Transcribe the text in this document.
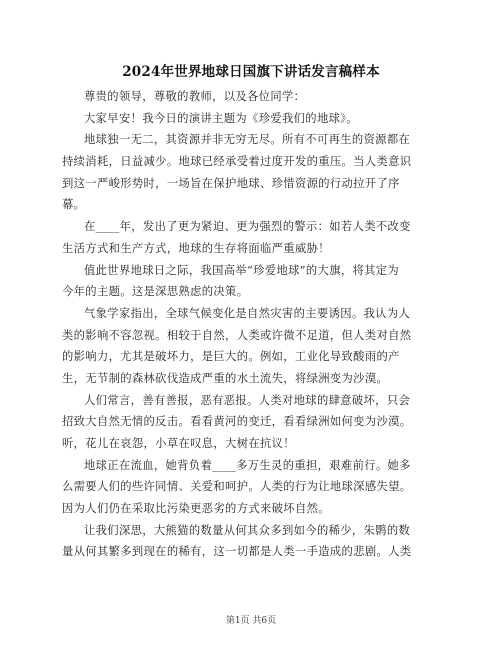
2024年世界地球日国旗下讲话发言稿样本
尊贵的领导，尊敬的教师，以及各位同学：
大家早安！我今日的演讲主题为《珍爱我们的地球》。
地球独一无二，其资源并非无穷无尽。所有不可再生的资源都在
持续消耗，日益减少。地球已经承受着过度开发的重压。当人类意识
到这一严峻形势时，一场旨在保护地球、珍惜资源的行动拉开了序
幕。
在____年，发出了更为紧迫、更为强烈的警示：如若人类不改变
生活方式和生产方式，地球的生存将面临严重威胁！
值此世界地球日之际，我国高举“珍爱地球”的大旗，将其定为
今年的主题。这是深思熟虑的决策。
气象学家指出，全球气候变化是自然灾害的主要诱因。我认为人
类的影响不容忽视。相较于自然，人类或许微不足道，但人类对自然
的影响力，尤其是破坏力，是巨大的。例如，工业化导致酸雨的产
生，无节制的森林砍伐造成严重的水土流失，将绿洲变为沙漠。
人们常言，善有善报，恶有恶报。人类对地球的肆意破坏，只会
招致大自然无情的反击。看看黄河的变迁，看看绿洲如何变为沙漠。
听，花儿在哀怨，小草在叹息，大树在抗议！
地球正在流血，她背负着____多万生灵的重担，艰难前行。她多
么需要人们的些许同情、关爱和呵护。人类的行为让地球深感失望。
因为人们仍在采取比污染更恶劣的方式来破坏自然。
让我们深思，大熊猫的数量从何其众多到如今的稀少，朱鹮的数
量从何其繁多到现在的稀有，这一切都是人类一手造成的悲剧。人类
第1页 共6页
